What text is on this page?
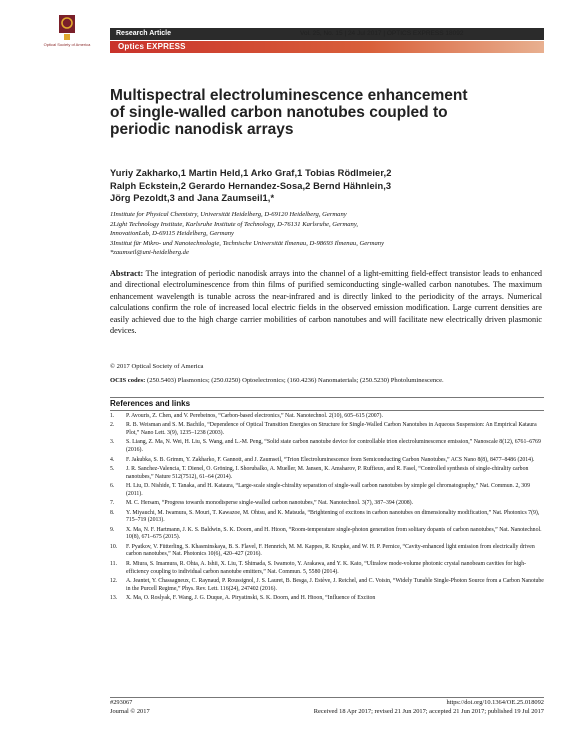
Optical Society of America
Research Article	Vol. 25, No. 15 | 24 Jul 2017 | OPTICS EXPRESS 18092
Optics EXPRESS
Multispectral electroluminescence enhancement of single-walled carbon nanotubes coupled to periodic nanodisk arrays
Yuriy Zakharko,1 Martin Held,1 Arko Graf,1 Tobias Rödlmeier,2
Ralph Eckstein,2 Gerardo Hernandez-Sosa,2 Bernd Hähnlein,3
Jörg Pezoldt,3 and Jana Zaumseil1,*
1Institute for Physical Chemistry, Universität Heidelberg, D-69120 Heidelberg, Germany
2Light Technology Institute, Karlsruhe Institute of Technology, D-76131 Karlsruhe, Germany,
InnovationLab, D-69115 Heidelberg, Germany
3Institut für Mikro- und Nanotechnologie, Technische Universität Ilmenau, D-98693 Ilmenau, Germany
*zaumseil@uni-heidelberg.de
Abstract: The integration of periodic nanodisk arrays into the channel of a light-emitting field-effect transistor leads to enhanced and directional electroluminescence from thin films of purified semiconducting single-walled carbon nanotubes. The maximum enhancement wavelength is tunable across the near-infrared and is directly linked to the periodicity of the arrays. Numerical calculations confirm the role of increased local electric fields in the observed emission modification. Large current densities are easily achieved due to the high charge carrier mobilities of carbon nanotubes and will facilitate new electrically driven plasmonic devices.
© 2017 Optical Society of America
OCIS codes: (250.5403) Plasmonics; (250.0250) Optoelectronics; (160.4236) Nanomaterials; (250.5230) Photoluminescence.
References and links
1. P. Avouris, Z. Chen, and V. Perebeinos, “Carbon-based electronics,” Nat. Nanotechnol. 2(10), 605–615 (2007).
2. R. B. Weisman and S. M. Bachilo, “Dependence of Optical Transition Energies on Structure for Single-Walled Carbon Nanotubes in Aqueous Suspension: An Empirical Kataura Plot,” Nano Lett. 3(9), 1235–1238 (2003).
3. S. Liang, Z. Ma, N. Wei, H. Liu, S. Wang, and L.-M. Peng, “Solid state carbon nanotube device for controllable trion electroluminescence emission,” Nanoscale 8(12), 6761–6769 (2016).
4. F. Jakubka, S. B. Grimm, Y. Zakharko, F. Gannott, and J. Zaumseil, “Trion Electroluminescence from Semiconducting Carbon Nanotubes,” ACS Nano 8(8), 8477–8486 (2014).
5. J. R. Sanchez-Valencia, T. Dienel, O. Gröning, I. Shorubalko, A. Mueller, M. Jansen, K. Amsharov, P. Ruffieux, and R. Fasel, “Controlled synthesis of single-chirality carbon nanotubes,” Nature 512(7512), 61–64 (2014).
6. H. Liu, D. Nishide, T. Tanaka, and H. Kataura, “Large-scale single-chirality separation of single-wall carbon nanotubes by simple gel chromatography,” Nat. Commun. 2, 309 (2011).
7. M. C. Hersam, “Progress towards monodisperse single-walled carbon nanotubes,” Nat. Nanotechnol. 3(7), 387–394 (2008).
8. Y. Miyauchi, M. Iwamura, S. Mouri, T. Kawazoe, M. Ohtsu, and K. Matsuda, “Brightening of excitons in carbon nanotubes on dimensionality modification,” Nat. Photonics 7(9), 715–719 (2013).
9. X. Ma, N. F. Hartmann, J. K. S. Baldwin, S. K. Doorn, and H. Htoon, “Room-temperature single-photon generation from solitary dopants of carbon nanotubes,” Nat. Nanotechnol. 10(8), 671–675 (2015).
10. F. Pyatkov, V. Fütterling, S. Khasminskaya, B. S. Flavel, F. Hennrich, M. M. Kappes, R. Krupke, and W. H. P. Pernice, “Cavity-enhanced light emission from electrically driven carbon nanotubes,” Nat. Photonics 10(6), 420–427 (2016).
11. R. Miura, S. Imamura, R. Ohta, A. Ishii, X. Liu, T. Shimada, S. Iwamoto, Y. Arakawa, and Y. K. Kato, “Ultralow mode-volume photonic crystal nanobeam cavities for high-efficiency coupling to individual carbon nanotube emitters,” Nat. Commun. 5, 5580 (2014).
12. A. Jeantet, Y. Chassagneux, C. Raynaud, P. Roussignol, J. S. Lauret, B. Besga, J. Estève, J. Reichel, and C. Voisin, “Widely Tunable Single-Photon Source from a Carbon Nanotube in the Purcell Regime,” Phys. Rev. Lett. 116(24), 247402 (2016).
13. X. Ma, O. Roslyak, F. Wang, J. G. Duque, A. Piryatinski, S. K. Doorn, and H. Htoon, “Influence of Exciton
#293067	https://doi.org/10.1364/OE.25.018092
Journal © 2017	Received 18 Apr 2017; revised 21 Jun 2017; accepted 21 Jun 2017; published 19 Jul 2017
